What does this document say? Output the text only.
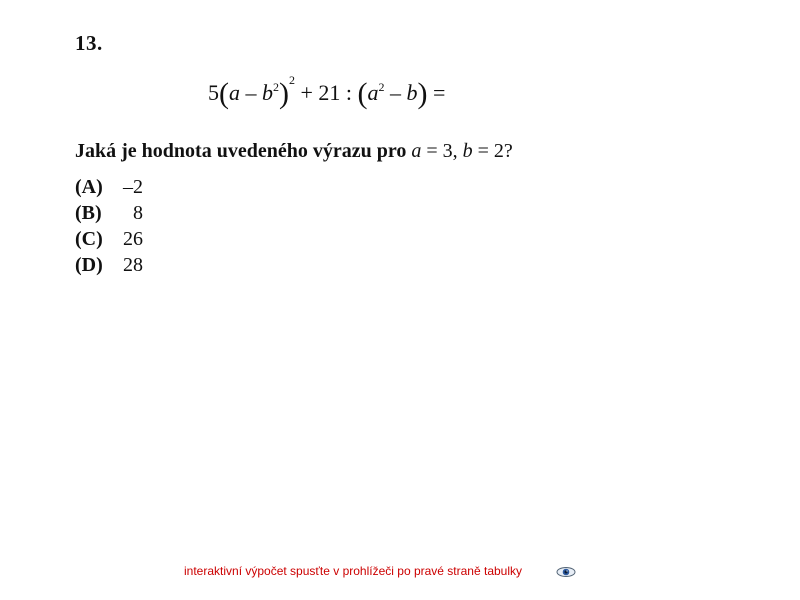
13.
$5(a - b^2)^2 + 21$ : $(a^2 - b)$ =
Jaká je hodnota uvedeného výrazu pro a = 3, b = 2?
(A)	–2
(B)	8
(C)	26
(D)	28
interaktivní výpočet spusťte v prohlížeči po pravé straně tabulky
